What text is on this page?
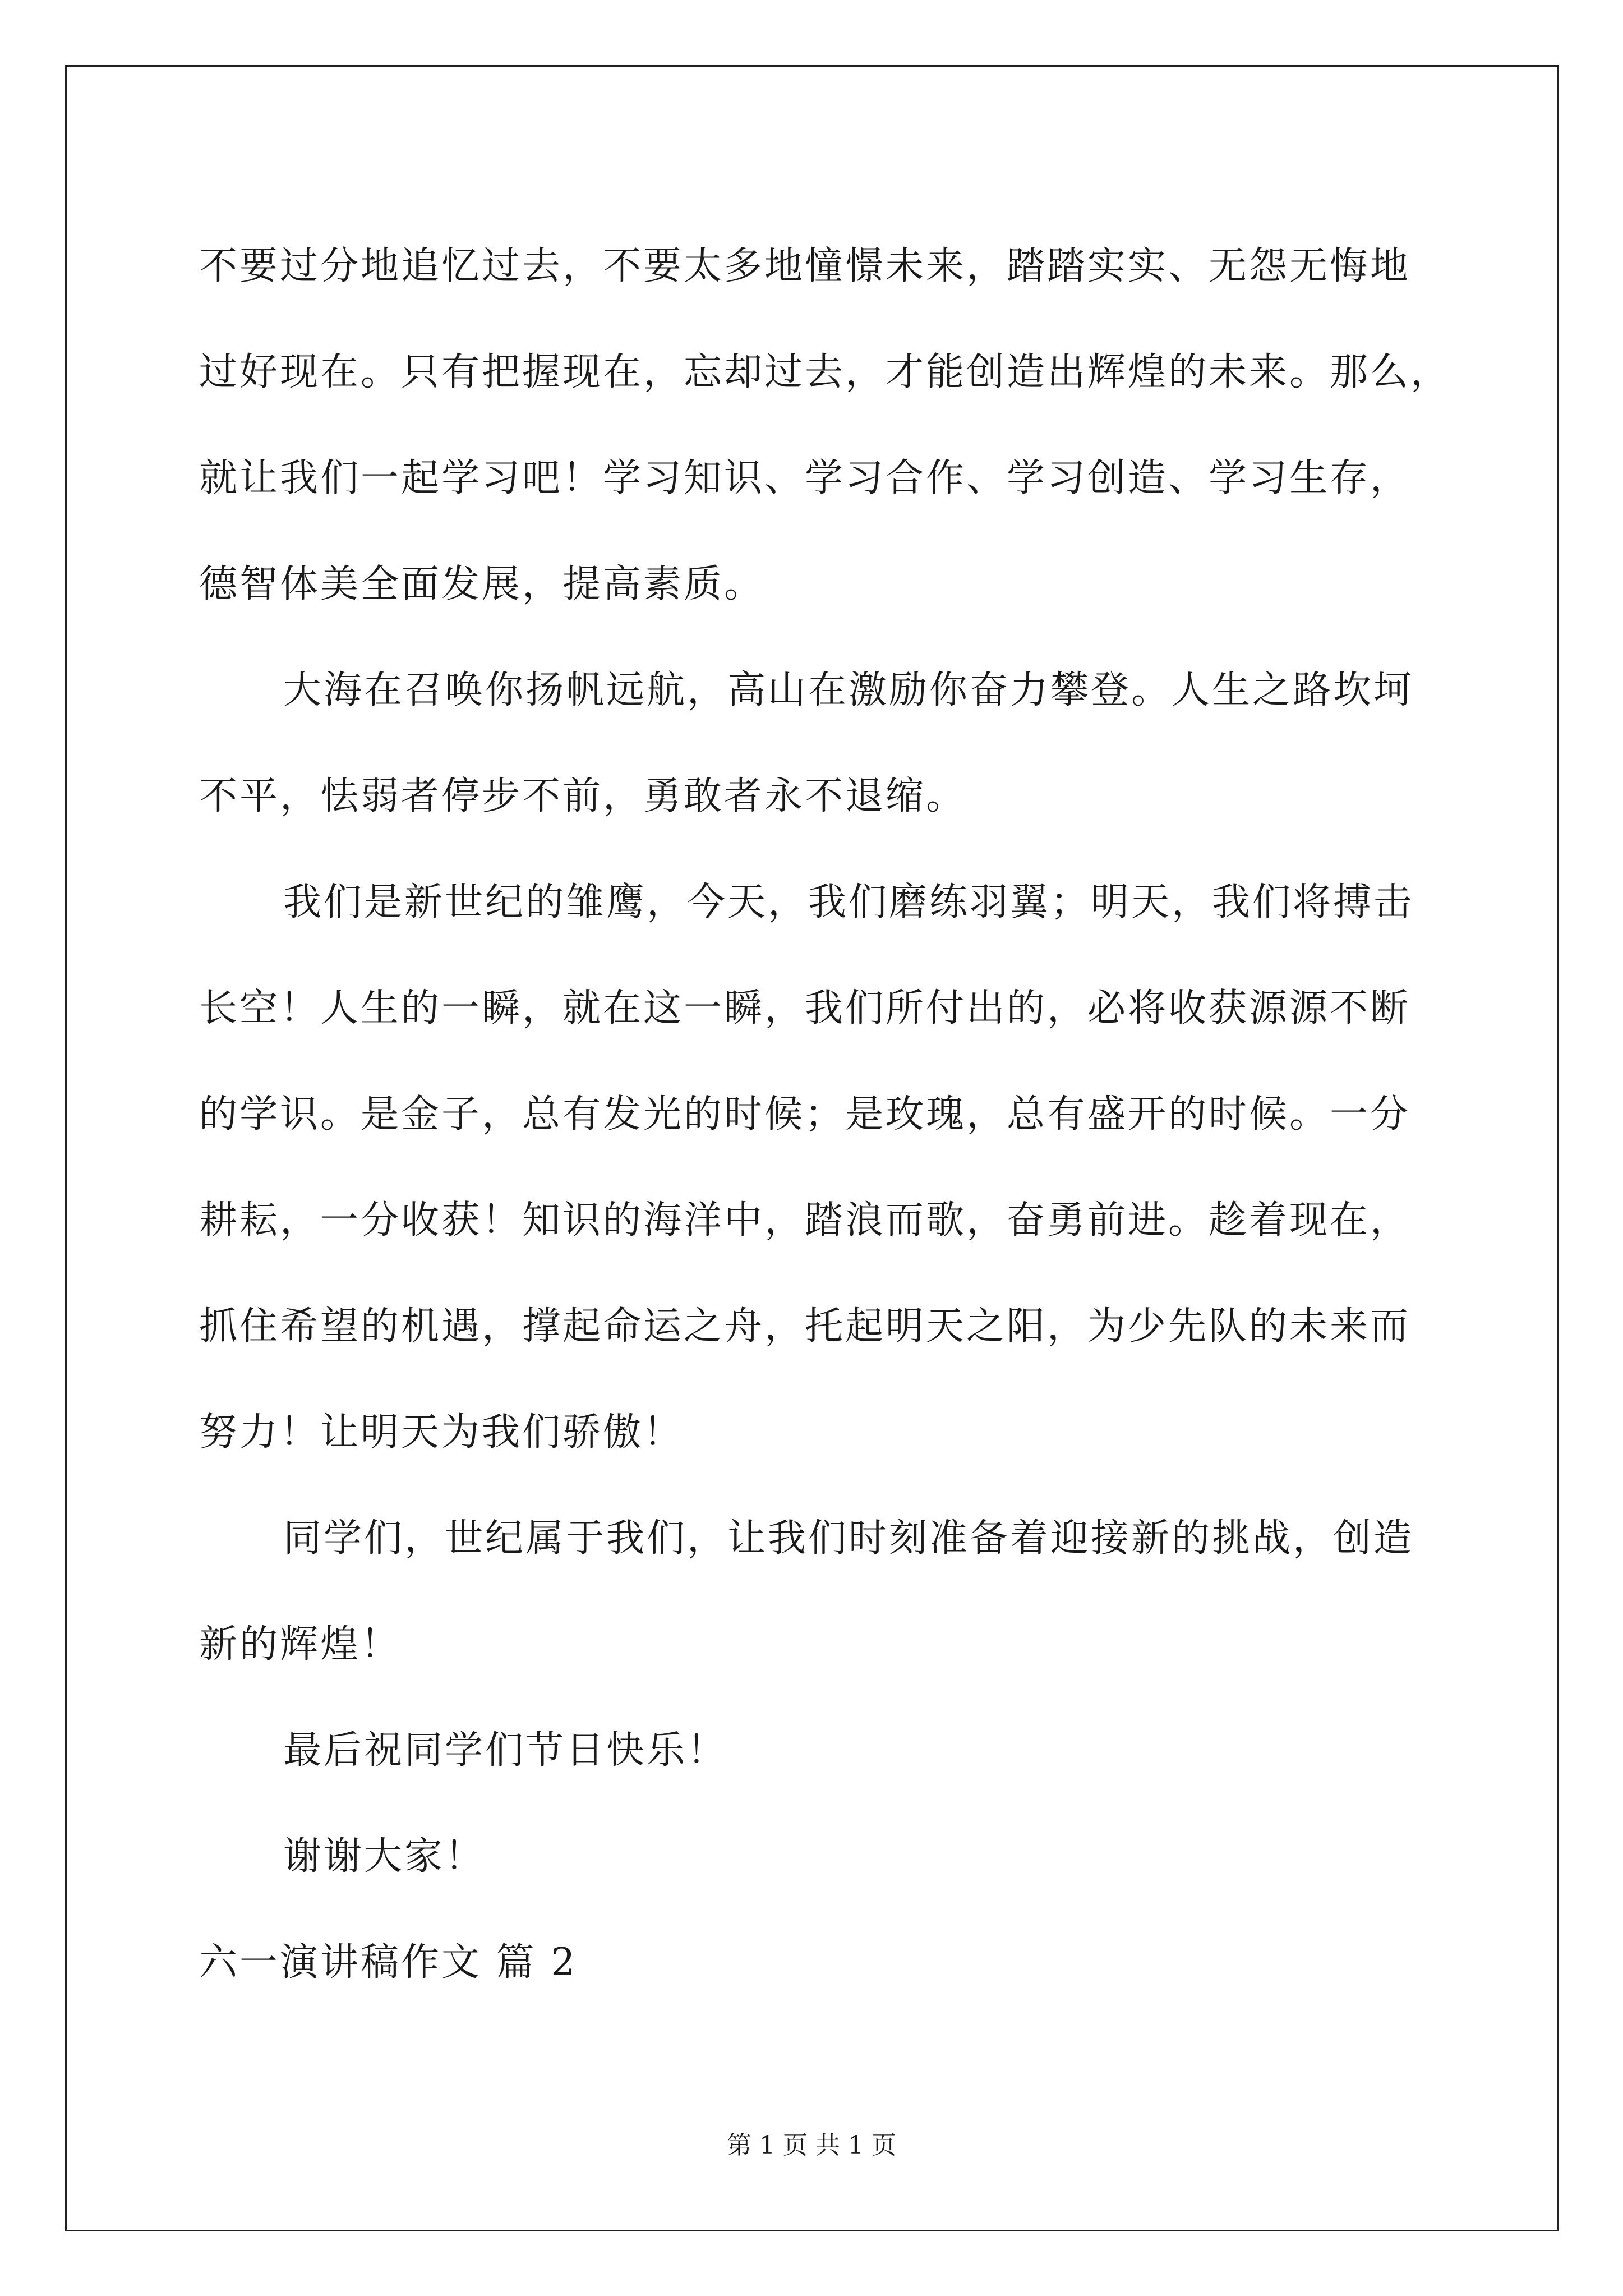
不要过分地追忆过去，不要太多地憧憬未来，踏踏实实、无怨无悔地
过好现在。只有把握现在，忘却过去，才能创造出辉煌的未来。那么，
就让我们一起学习吧！学习知识、学习合作、学习创造、学习生存，
德智体美全面发展，提高素质。
大海在召唤你扬帆远航，高山在激励你奋力攀登。人生之路坎坷
不平，怯弱者停步不前，勇敢者永不退缩。
我们是新世纪的雏鹰，今天，我们磨练羽翼；明天，我们将搏击
长空！人生的一瞬，就在这一瞬，我们所付出的，必将收获源源不断
的学识。是金子，总有发光的时候；是玫瑰，总有盛开的时候。一分
耕耘，一分收获！知识的海洋中，踏浪而歌，奋勇前进。趁着现在，
抓住希望的机遇，撑起命运之舟，托起明天之阳，为少先队的未来而
努力！让明天为我们骄傲！
同学们，世纪属于我们，让我们时刻准备着迎接新的挑战，创造
新的辉煌！
最后祝同学们节日快乐！
谢谢大家！
六一演讲稿作文 篇 2
第 1 页 共 1 页
